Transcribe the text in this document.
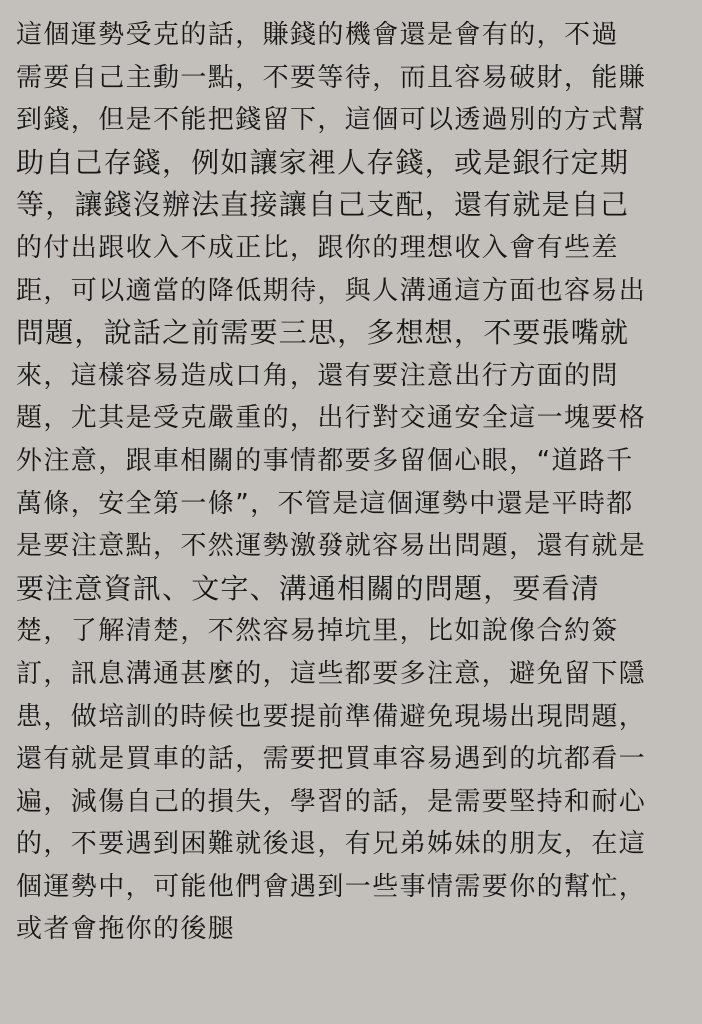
這個運勢受克的話，賺錢的機會還是會有的，不過
需要自己主動一點，不要等待，而且容易破財，能賺
到錢，但是不能把錢留下，這個可以透過別的方式幫
助自己存錢，例如讓家裡人存錢，或是銀行定期
等，讓錢沒辦法直接讓自己支配，還有就是自己
的付出跟收入不成正比，跟你的理想收入會有些差
距，可以適當的降低期待，與人溝通這方面也容易出
問題，說話之前需要三思，多想想，不要張嘴就
來，這樣容易造成口角，還有要注意出行方面的問
題，尤其是受克嚴重的，出行對交通安全這一塊要格
外注意，跟車相關的事情都要多留個心眼，“道路千
萬條，安全第一條”，不管是這個運勢中還是平時都
是要注意點，不然運勢激發就容易出問題，還有就是
要注意資訊、文字、溝通相關的問題，要看清
楚，了解清楚，不然容易掉坑里，比如說像合約簽
訂，訊息溝通甚麼的，這些都要多注意，避免留下隱
患，做培訓的時候也要提前準備避免現場出現問題，
還有就是買車的話，需要把買車容易遇到的坑都看一
遍，減傷自己的損失，學習的話，是需要堅持和耐心
的，不要遇到困難就後退，有兄弟姊妹的朋友，在這
個運勢中，可能他們會遇到一些事情需要你的幫忙，
或者會拖你的後腿
